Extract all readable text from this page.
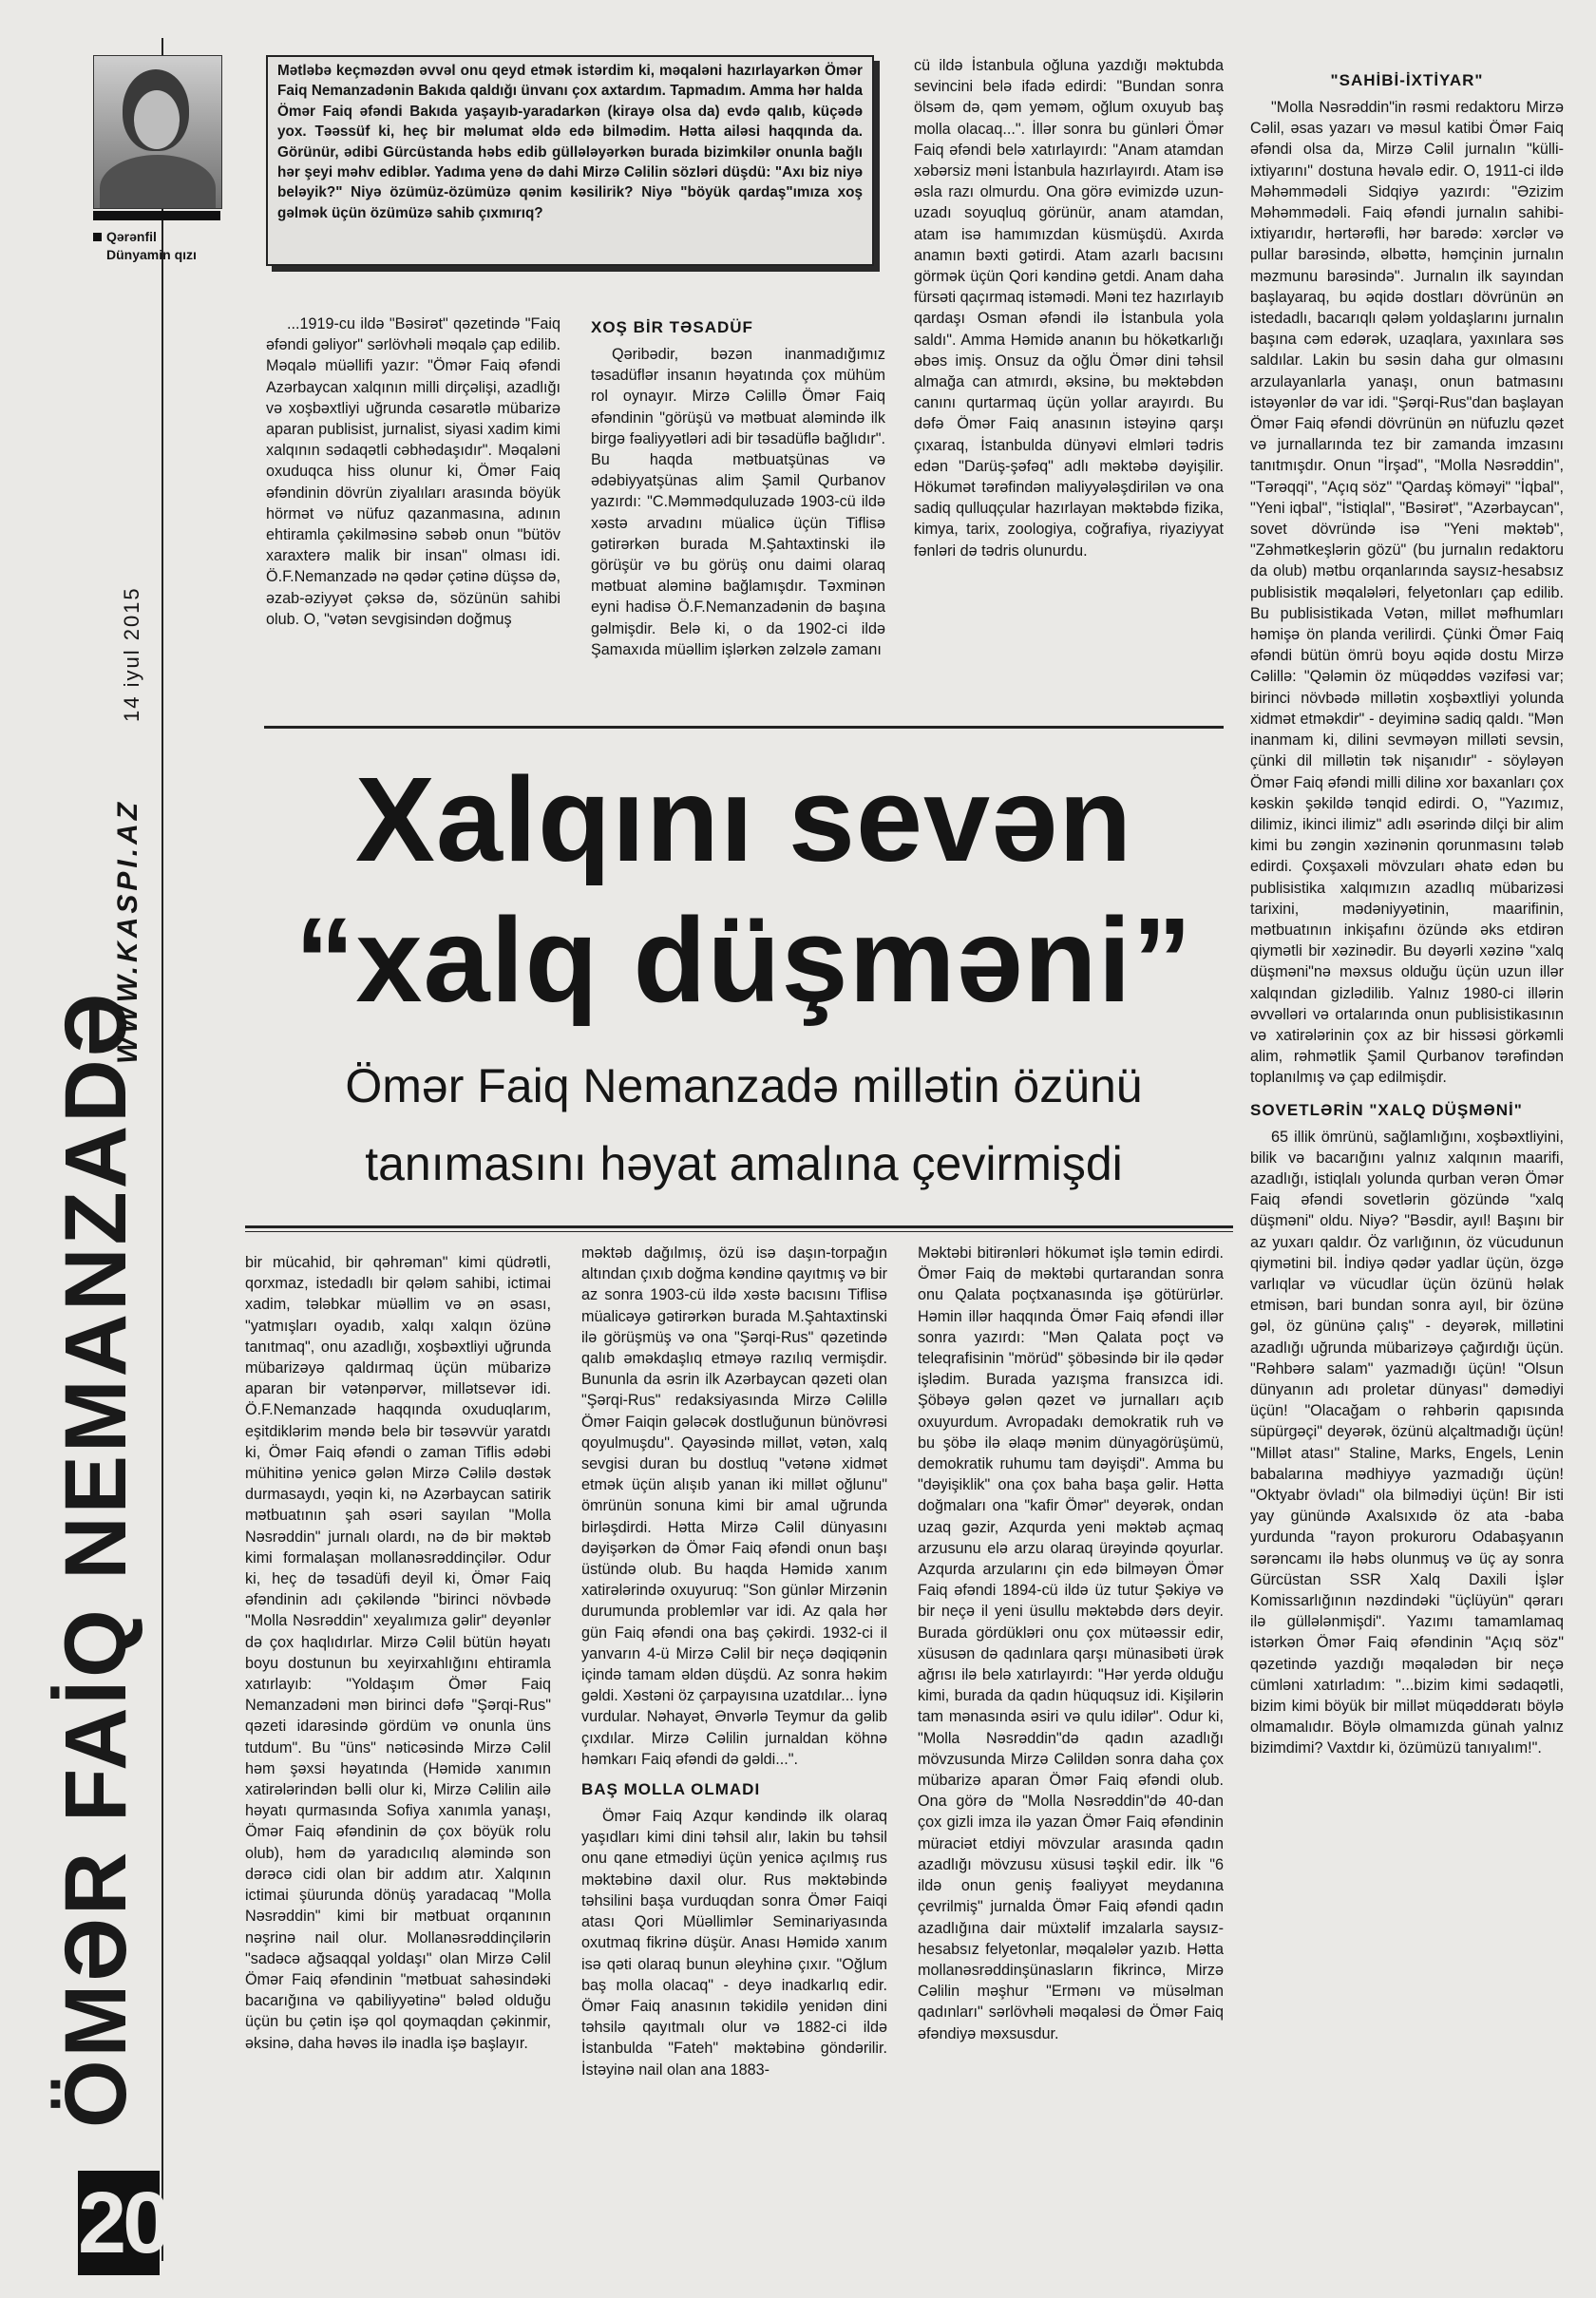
20
ÖMƏR FAİQ NEMANZADƏ
WWW.KASPI.AZ
14 iyul 2015
Qərənfil
Dünyamin qızı
Mətləbə keçməzdən əvvəl onu qeyd etmək istərdim ki, məqaləni hazırlayarkən Ömər Faiq Nemanzadənin Bakıda qaldığı ünvanı çox axtardım. Tapmadım. Amma hər halda Ömər Faiq əfəndi Bakıda yaşayıb-yaradarkən (kirayə olsa da) evdə qalıb, küçədə yox. Təəssüf ki, heç bir məlumat əldə edə bilmədim. Hətta ailəsi haqqında da. Görünür, ədibi Gürcüstanda həbs edib güllələyərkən burada bizimkilər onunla bağlı hər şeyi məhv ediblər. Yadıma yenə də dahi Mirzə Cəlilin sözləri düşdü: "Axı biz niyə beləyik?" Niyə özümüz-özümüzə qənim kəsilirik? Niyə "böyük qardaş"ımıza xoş gəlmək üçün özümüzə sahib çıxmırıq?

...1919-cu ildə "Bəsirət" qəzetində "Faiq əfəndi gəliyor" sərlövhəli məqalə çap edilib. Məqalə müəllifi yazır: "Ömər Faiq əfəndi Azərbaycan xalqının milli dirçəlişi, azadlığı və xoşbəxtliyi uğrunda cəsarətlə mübarizə aparan publisist, jurnalist, siyasi xadim kimi xalqının sədaqətli cəbhədaşıdır". Məqaləni oxuduqca hiss olunur ki, Ömər Faiq əfəndinin dövrün ziyalıları arasında böyük hörmət və nüfuz qazanmasına, adının ehtiramla çəkilməsinə səbəb onun "bütöv xaraxterə malik bir insan" olması idi. Ö.F.Nemanzadə nə qədər çətinə düşsə də, əzab-əziyyət çəksə də, sözünün sahibi olub. O, "vətən sevgisindən doğmuş

XOŞ BİR TƏSADÜF

Qəribədir, bəzən inanmadığımız təsadüflər insanın həyatında çox mühüm rol oynayır. Mirzə Cəlillə Ömər Faiq əfəndinin "görüşü və mətbuat aləmində ilk birgə fəaliyyətləri adi bir təsadüflə bağlıdır". Bu haqda mətbuatşünas və ədəbiyyatşünas alim Şamil Qurbanov yazırdı: "C.Məmmədquluzadə 1903-cü ildə xəstə arvadını müalicə üçün Tiflisə gətirərkən burada M.Şahtaxtinski ilə görüşür və bu görüş onu daimi olaraq mətbuat aləminə bağlamışdır. Təxminən eyni hadisə Ö.F.Nemanzadənin də başına gəlmişdir. Belə ki, o da 1902-ci ildə Şamaxıda müəllim işlərkən zəlzələ zamanı

cü ildə İstanbula oğluna yazdığı məktubda sevincini belə ifadə edirdi: "Bundan sonra ölsəm də, qəm yeməm, oğlum oxuyub baş molla olacaq...". İllər sonra bu günləri Ömər Faiq əfəndi belə xatırlayırdı: "Anam atamdan xəbərsiz məni İstanbula hazırlayırdı. Atam isə əsla razı olmurdu. Ona görə evimizdə uzun-uzadı soyuqluq görünür, anam atamdan, atam isə hamımızdan küsmüşdü. Axırda anamın bəxti gətirdi. Atam azarlı bacısını görmək üçün Qori kəndinə getdi. Anam daha fürsəti qaçırmaq istəmədi. Məni tez hazırlayıb qardaşı Osman əfəndi ilə İstanbula yola saldı". Amma Həmidə ananın bu hökətkarlığı əbəs imiş. Onsuz da oğlu Ömər dini təhsil almağa can atmırdı, əksinə, bu məktəbdən canını qurtarmaq üçün yollar arayırdı. Bu dəfə Ömər Faiq anasının istəyinə qarşı çıxaraq, İstanbulda dünyəvi elmləri tədris edən "Darüş-şəfəq" adlı məktəbə dəyişilir. Hökumət tərəfindən maliyyələşdirilən və ona sadiq qulluqçular hazırlayan məktəbdə fizika, kimya, tarix, zoologiya, coğrafiya, riyaziyyat fənləri də tədris olunurdu.

"SAHİBİ-İXTİYAR"

"Molla Nəsrəddin"in rəsmi redaktoru Mirzə Cəlil, əsas yazarı və məsul katibi Ömər Faiq əfəndi olsa da, Mirzə Cəlil jurnalın "külli-ixtiyarını" dostuna həvalə edir. O, 1911-ci ildə Məhəmmədəli Sidqiyə yazırdı: "Əzizim Məhəmmədəli. Faiq əfəndi jurnalın sahibi-ixtiyarıdır, hərtərəfli, hər barədə: xərclər və pullar barəsində, əlbəttə, həmçinin jurnalın məzmunu barəsində". Jurnalın ilk sayından başlayaraq, bu əqidə dostları dövrünün ən istedadlı, bacarıqlı qələm yoldaşlarını jurnalın başına cəm edərək, uzaqlara, yaxınlara səs saldılar. Lakin bu səsin daha gur olmasını arzulayanlarla yanaşı, onun batmasını istəyənlər də var idi. "Şərqi-Rus"dan başlayan Ömər Faiq əfəndi dövrünün ən nüfuzlu qəzet və jurnallarında tez bir zamanda imzasını tanıtmışdır. Onun "İrşad", "Molla Nəsrəddin", "Tərəqqi", "Açıq söz" "Qardaş köməyi" "İqbal", "Yeni iqbal", "İstiqlal", "Bəsirət", "Azərbaycan", sovet dövründə isə "Yeni məktəb", "Zəhmətkeşlərin gözü" (bu jurnalın redaktoru da olub) mətbu orqanlarında saysız-hesabsız publisistik məqalələri, felyetonları çap edilib. Bu publisistikada Vətən, millət məfhumları həmişə ön planda verilirdi. Çünki Ömər Faiq əfəndi bütün ömrü boyu əqidə dostu Mirzə Cəlillə: "Qələmin öz müqəddəs vəzifəsi var; birinci növbədə millətin xoşbəxtliyi yolunda xidmət etməkdir" - deyiminə sadiq qaldı. "Mən inanmam ki, dilini sevməyən milləti sevsin, çünki dil millətin tək nişanıdır" - söyləyən Ömər Faiq əfəndi milli dilinə xor baxanları çox kəskin şəkildə tənqid edirdi. O, "Yazımız, dilimiz, ikinci ilimiz" adlı əsərində dilçi bir alim kimi bu zəngin xəzinənin qorunmasını tələb edirdi. Çoxşaxəli mövzuları əhatə edən bu publisistika xalqımızın azadlıq mübarizəsi tarixini, mədəniyyətinin, maarifinin, mətbuatının inkişafını özündə əks etdirən qiymətli bir xəzinədir. Bu dəyərli xəzinə "xalq düşməni"nə məxsus olduğu üçün uzun illər xalqından gizlədilib. Yalnız 1980-ci illərin əvvəlləri və ortalarında onun publisistikasının və xatirələrinin çox az bir hissəsi görkəmli alim, rəhmətlik Şamil Qurbanov tərəfindən toplanılmış və çap edilmişdir.

SOVETLƏRİN "XALQ DÜŞMƏNİ"

65 illik ömrünü, sağlamlığını, xoşbəxtliyini, bilik və bacarığını yalnız xalqının maarifi, azadlığı, istiqlalı yolunda qurban verən Ömər Faiq əfəndi sovetlərin gözündə "xalq düşməni" oldu. Niyə? "Bəsdir, ayıl! Başını bir az yuxarı qaldır. Öz varlığının, öz vücudunun qiymətini bil. İndiyə qədər yadlar üçün, özgə varlıqlar və vücudlar üçün özünü həlak etmisən, bari bundan sonra ayıl, bir özünə gəl, öz gününə çalış" - deyərək, millətini azadlığı uğrunda mübarizəyə çağırdığı üçün. "Rəhbərə salam" yazmadığı üçün! "Olsun dünyanın adı proletar dünyası" dəmədiyi üçün! "Olacağam o rəhbərin qapısında süpürgəçi" deyərək, özünü alçaltmadığı üçün! "Millət atası" Staline, Marks, Engels, Lenin babalarına mədhiyyə yazmadığı üçün! "Oktyabr övladı" ola bilmədiyi üçün! Bir isti yay günündə Axalsıxıdə öz ata -baba yurdunda "rayon prokuroru Odabaşyanın sərəncamı ilə həbs olunmuş və üç ay sonra Gürcüstan SSR Xalq Daxili İşlər Komissarlığının nəzdindəki "üçlüyün" qərarı ilə güllələnmişdi". Yazımı tamamlamaq istərkən Ömər Faiq əfəndinin "Açıq söz" qəzetində yazdığı məqalədən bir neçə cümləni xatırladım: "...bizim kimi sədaqətli, bizim kimi böyük bir millət müqəddəratı böylə olmamalıdır. Böylə olmamızda günah yalnız bizimdimi? Vaxtdır ki, özümüzü tanıyalım!".

Xalqını sevən
“xalq düşməni”
Ömər Faiq Nemanzadə millətin özünü
tanımasını həyat amalına çevirmişdi

bir mücahid, bir qəhrəman" kimi qüdrətli, qorxmaz, istedadlı bir qələm sahibi, ictimai xadim, tələbkar müəllim və ən əsası, "yatmışları oyadıb, xalqı xalqın özünə tanıtmaq", onu azadlığı, xoşbəxtliyi uğrunda mübarizəyə qaldırmaq üçün mübarizə aparan bir vətənpərvər, millətsevər idi. Ö.F.Nemanzadə haqqında oxuduqlarım, eşitdiklərim məndə belə bir təsəvvür yaratdı ki, Ömər Faiq əfəndi o zaman Tiflis ədəbi mühitinə yenicə gələn Mirzə Cəlilə dəstək durmasaydı, yəqin ki, nə Azərbaycan satirik mətbuatının şah əsəri sayılan "Molla Nəsrəddin" jurnalı olardı, nə də bir məktəb kimi formalaşan mollanəsrəddinçilər. Odur ki, heç də təsadüfi deyil ki, Ömər Faiq əfəndinin adı çəkiləndə "birinci növbədə "Molla Nəsrəddin" xeyalımıza gəlir" deyənlər də çox haqlıdırlar. Mirzə Cəlil bütün həyatı boyu dostunun bu xeyirxahlığını ehtiramla xatırlayıb: "Yoldaşım Ömər Faiq Nemanzadəni mən birinci dəfə "Şərqi-Rus" qəzeti idarəsində gördüm və onunla üns tutdum". Bu "üns" nəticəsində Mirzə Cəlil həm şəxsi həyatında (Həmidə xanımın xatirələrindən bəlli olur ki, Mirzə Cəlilin ailə həyatı qurmasında Sofiya xanımla yanaşı, Ömər Faiq əfəndinin də çox böyük rolu olub), həm də yaradıcılıq aləmində son dərəcə cidi olan bir addım atır. Xalqının ictimai şüurunda dönüş yaradacaq "Molla Nəsrəddin" kimi bir mətbuat orqanının nəşrinə nail olur. Mollanəsrəddinçilərin "sadəcə ağsaqqal yoldaşı" olan Mirzə Cəlil Ömər Faiq əfəndinin "mətbuat sahəsindəki bacarığına və qabiliyyətinə" bələd olduğu üçün bu çətin işə qol qoymaqdan çəkinmir, əksinə, daha həvəs ilə inadla işə başlayır.

məktəb dağılmış, özü isə daşın-torpağın altından çıxıb doğma kəndinə qayıtmış və bir az sonra 1903-cü ildə xəstə bacısını Tiflisə müalicəyə gətirərkən burada M.Şahtaxtinski ilə görüşmüş və ona "Şərqi-Rus" qəzetində qalıb əməkdaşlıq etməyə razılıq vermişdir. Bununla da əsrin ilk Azərbaycan qəzeti olan "Şərqi-Rus" redaksiyasında Mirzə Cəlillə Ömər Faiqin gələcək dostluğunun bünövrəsi qoyulmuşdu". Qayəsində millət, vətən, xalq sevgisi duran bu dostluq "vətənə xidmət etmək üçün alışıb yanan iki millət oğlunu" ömrünün sonuna kimi bir amal uğrunda birləşdirdi. Hətta Mirzə Cəlil dünyasını dəyişərkən də Ömər Faiq əfəndi onun başı üstündə olub. Bu haqda Həmidə xanım xatirələrində oxuyuruq: "Son günlər Mirzənin durumunda problemlər var idi. Az qala hər gün Faiq əfəndi ona baş çəkirdi. 1932-ci il yanvarın 4-ü Mirzə Cəlil bir neçə dəqiqənin içində tamam əldən düşdü. Az sonra həkim gəldi. Xəstəni öz çarpayısına uzatdılar... İynə vurdular. Nəhayət, Ənvərlə Teymur da gəlib çıxdılar. Mirzə Cəlilin jurnaldan köhnə həmkarı Faiq əfəndi də gəldi...".

BAŞ MOLLA OLMADI

Ömər Faiq Azqur kəndində ilk olaraq yaşıdları kimi dini təhsil alır, lakin bu təhsil onu qane etmədiyi üçün yenicə açılmış rus məktəbinə daxil olur. Rus məktəbində təhsilini başa vurduqdan sonra Ömər Faiqi atası Qori Müəllimlər Seminariyasında oxutmaq fikrinə düşür. Anası Həmidə xanım isə qəti olaraq bunun əleyhinə çıxır. "Oğlum baş molla olacaq" - deyə inadkarlıq edir. Ömər Faiq anasının təkidilə yenidən dini təhsilə qayıtmalı olur və 1882-ci ildə İstanbulda "Fateh" məktəbinə göndərilir. İstəyinə nail olan ana 1883-

Məktəbi bitirənləri hökumət işlə təmin edirdi. Ömər Faiq də məktəbi qurtarandan sonra onu Qalata poçtxanasında işə götürürlər. Həmin illər haqqında Ömər Faiq əfəndi illər sonra yazırdı: "Mən Qalata poçt və teleqrafisinin "mörüd" şöbəsində bir ilə qədər işlədim. Burada yazışma fransızca idi. Şöbəyə gələn qəzet və jurnalları açıb oxuyurdum. Avropadakı demokratik ruh və bu şöbə ilə əlaqə mənim dünyagörüşümü, demokratik ruhumu tam dəyişdi". Amma bu "dəyişiklik" ona çox baha başa gəlir. Hətta doğmaları ona "kafir Ömər" deyərək, ondan uzaq gəzir, Azqurda yeni məktəb açmaq arzusunu elə arzu olaraq ürəyində qoyurlar. Azqurda arzularını çin edə bilməyən Ömər Faiq əfəndi 1894-cü ildə üz tutur Şəkiyə və bir neçə il yeni üsullu məktəbdə dərs deyir. Burada gördükləri onu çox mütəəssir edir, xüsusən də qadınlara qarşı münasibəti ürək ağrısı ilə belə xatırlayırdı: "Hər yerdə olduğu kimi, burada da qadın hüquqsuz idi. Kişilərin tam mənasında əsiri və qulu idilər". Odur ki, "Molla Nəsrəddin"də qadın azadlığı mövzusunda Mirzə Cəlildən sonra daha çox mübarizə aparan Ömər Faiq əfəndi olub. Ona görə də "Molla Nəsrəddin"də 40-dan çox gizli imza ilə yazan Ömər Faiq əfəndinin müraciət etdiyi mövzular arasında qadın azadlığı mövzusu xüsusi təşkil edir. İlk "6 ildə onun geniş fəaliyyət meydanına çevrilmiş" jurnalda Ömər Faiq əfəndi qadın azadlığına dair müxtəlif imzalarla saysız-hesabsız felyetonlar, məqalələr yazıb. Hətta mollanəsrəddinşünasların fikrincə, Mirzə Cəlilin məşhur "Ermənı və müsəlman qadınları" sərlövhəli məqaləsi də Ömər Faiq əfəndiyə məxsusdur.
